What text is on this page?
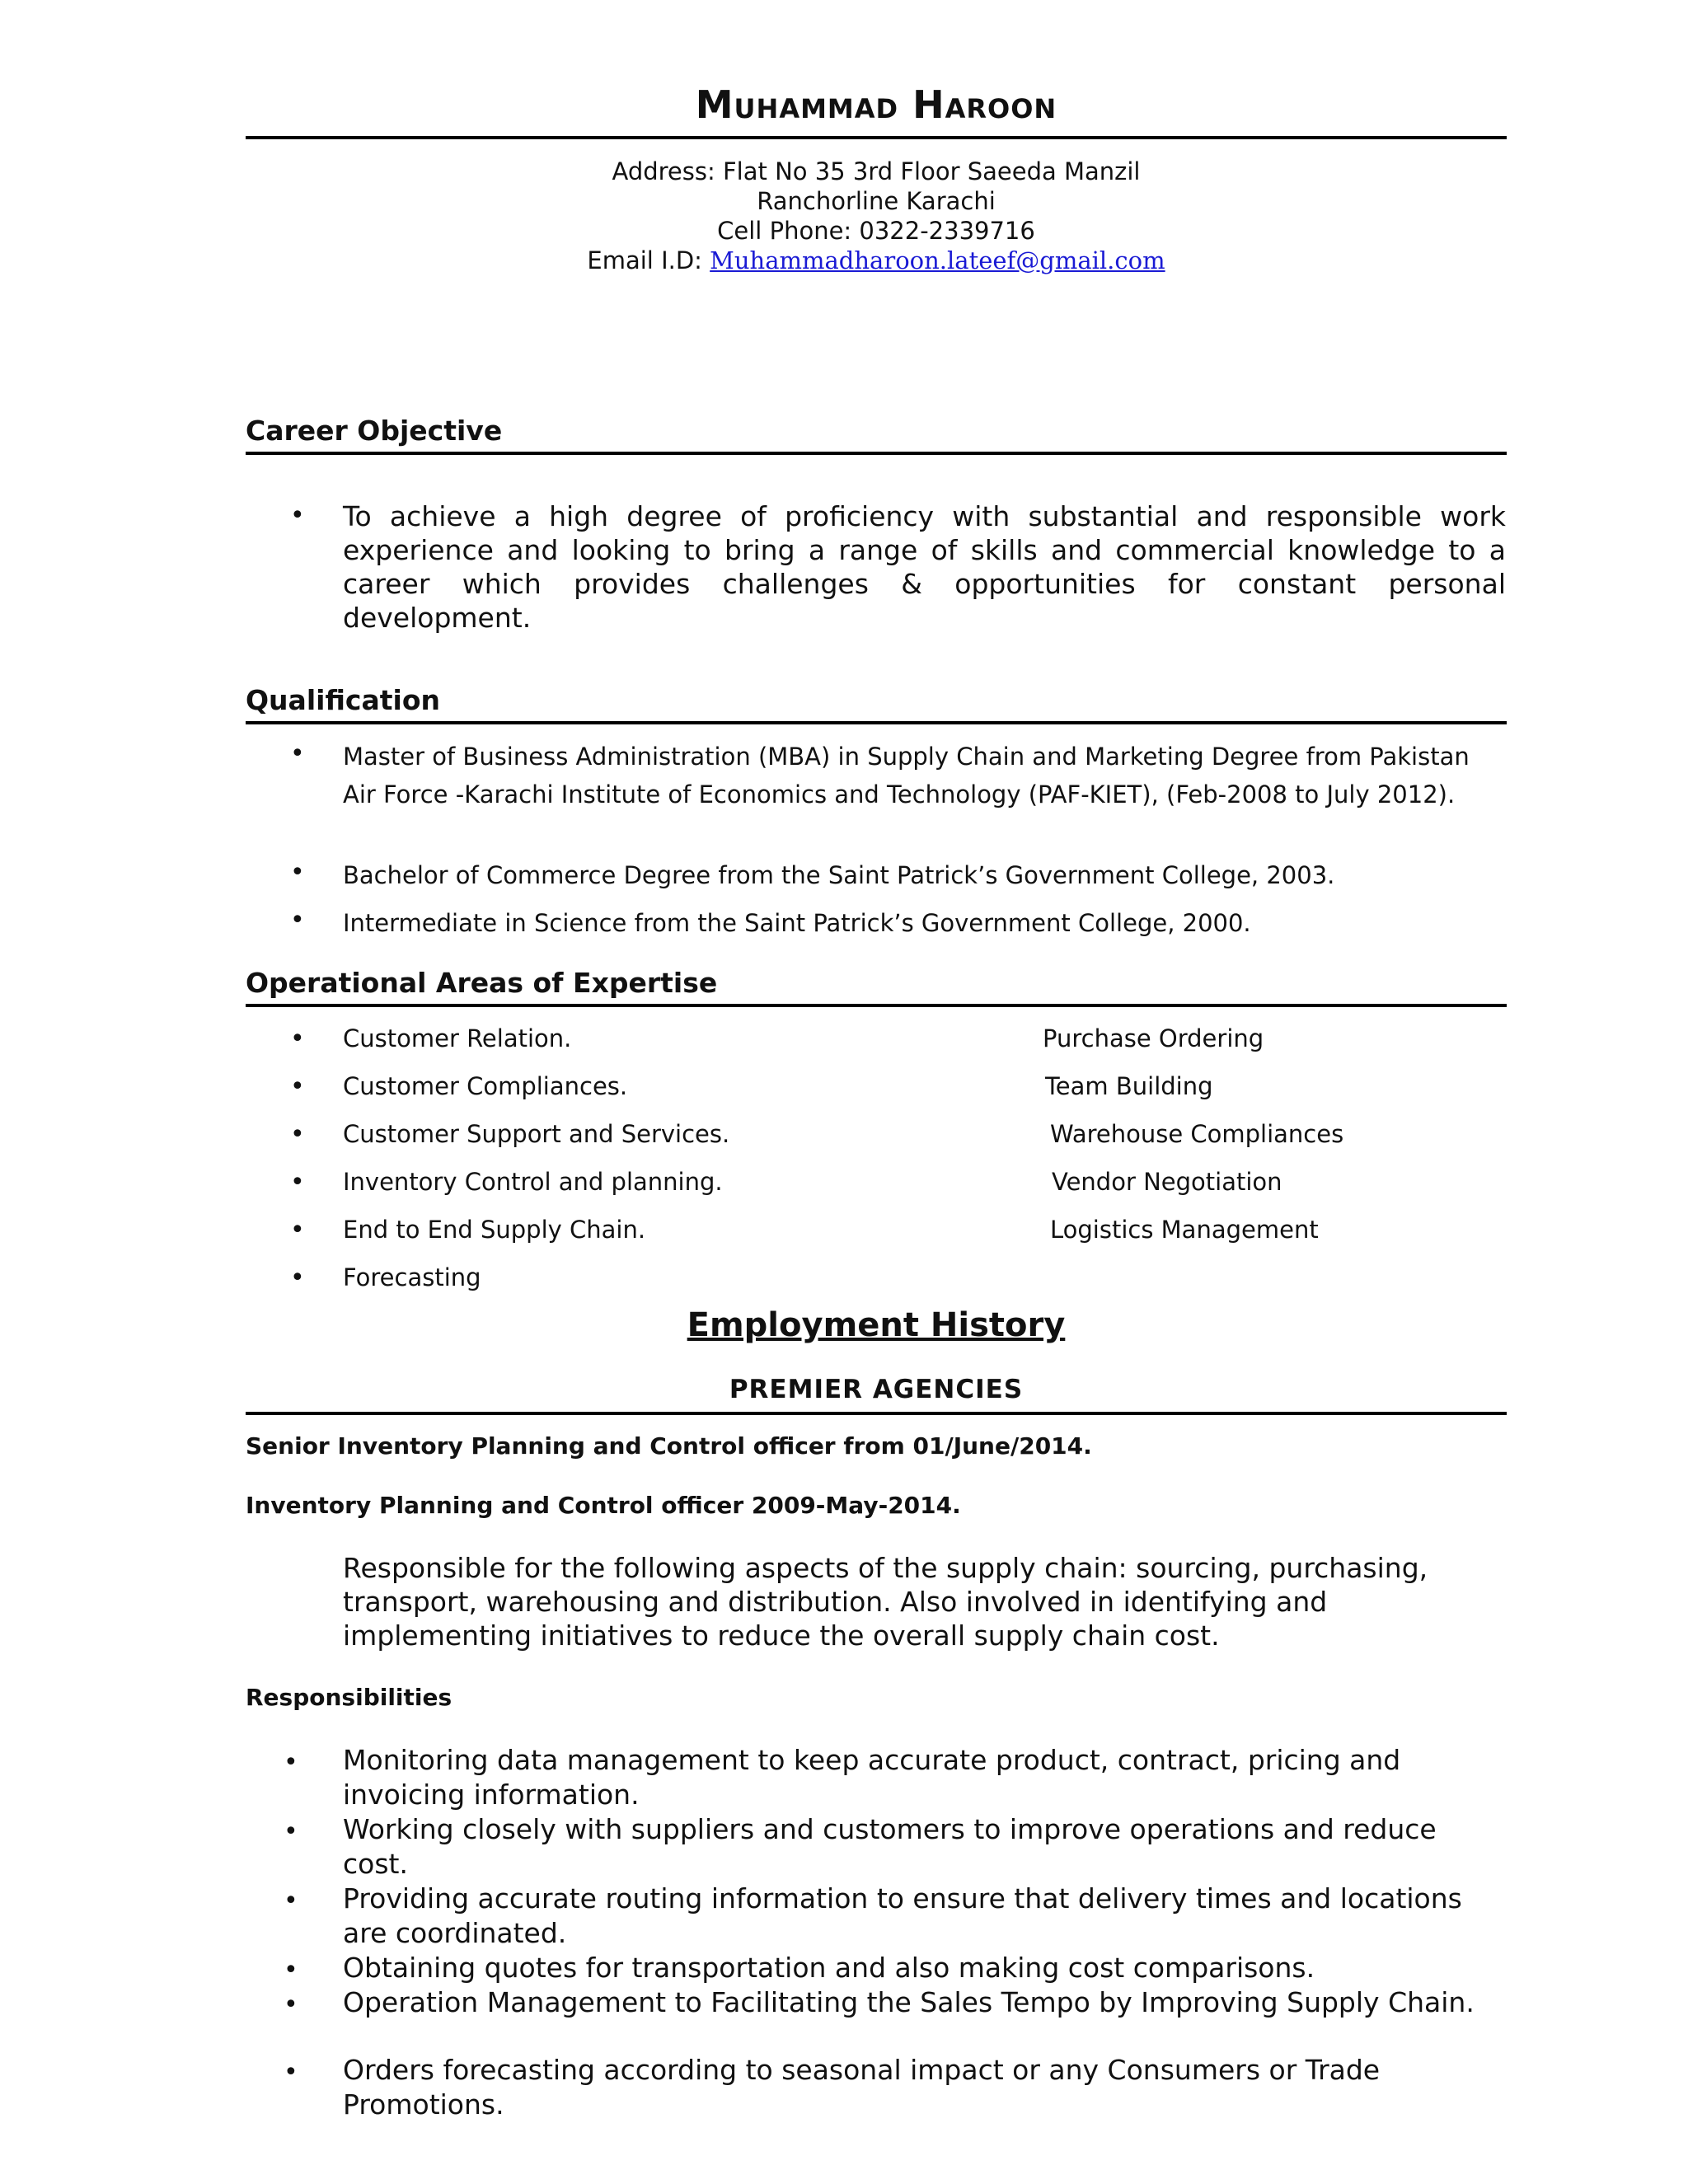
Muhammad Haroon
Address: Flat No 35 3rd Floor Saeeda Manzil
Ranchorline Karachi
Cell Phone: 0322-2339716
Email I.D: Muhammadharoon.lateef@gmail.com
Career Objective
• To achieve a high degree of proficiency with substantial and responsible work experience and looking to bring a range of skills and commercial knowledge to a career which provides challenges & opportunities for constant personal development.
Qualification
• Master of Business Administration (MBA) in Supply Chain and Marketing Degree from Pakistan Air Force -Karachi Institute of Economics and Technology (PAF-KIET), (Feb-2008 to July 2012).
• Bachelor of Commerce Degree from the Saint Patrick’s Government College, 2003.
• Intermediate in Science from the Saint Patrick’s Government College, 2000.
Operational Areas of Expertise
• Customer Relation.
• Customer Compliances.
• Customer Support and Services.
• Inventory Control and planning.
• End to End Supply Chain.
• Forecasting
Purchase Ordering
Team Building
Warehouse Compliances
Vendor Negotiation
Logistics Management
Employment History
PREMIER AGENCIES
Senior Inventory Planning and Control officer from 01/June/2014.
Inventory Planning and Control officer 2009-May-2014.
Responsible for the following aspects of the supply chain: sourcing, purchasing, transport, warehousing and distribution. Also involved in identifying and implementing initiatives to reduce the overall supply chain cost.
Responsibilities
• Monitoring data management to keep accurate product, contract, pricing and invoicing information.
• Working closely with suppliers and customers to improve operations and reduce cost.
• Providing accurate routing information to ensure that delivery times and locations are coordinated.
• Obtaining quotes for transportation and also making cost comparisons.
• Operation Management to Facilitating the Sales Tempo by Improving Supply Chain.
• Orders forecasting according to seasonal impact or any Consumers or Trade Promotions.
